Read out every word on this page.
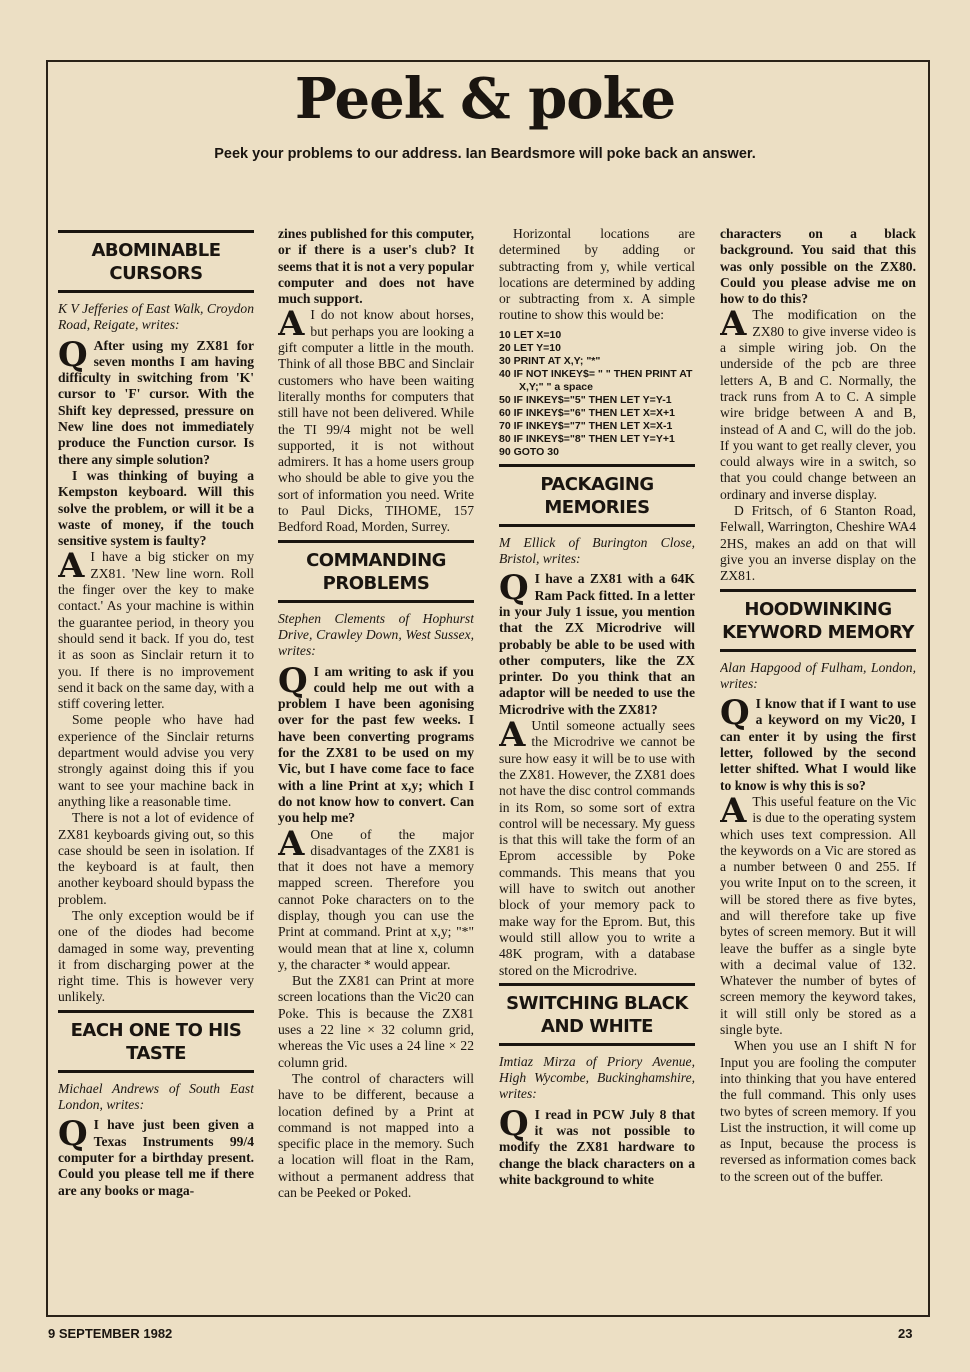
Peek & poke
Peek your problems to our address. Ian Beardsmore will poke back an answer.
ABOMINABLE CURSORS

K V Jefferies of East Walk, Croydon Road, Reigate, writes:

Q After using my ZX81 for seven months I am having difficulty in switching from 'K' cursor to 'F' cursor. With the Shift key depressed, pressure on New line does not immediately produce the Function cursor. Is there any simple solution?

I was thinking of buying a Kempston keyboard. Will this solve the problem, or will it be a waste of money, if the touch sensitive system is faulty?

A I have a big sticker on my ZX81. 'New line worn. Roll the finger over the key to make contact.' As your machine is within the guarantee period, in theory you should send it back. If you do, test it as soon as Sinclair return it to you. If there is no improvement send it back on the same day, with a stiff covering letter.

Some people who have had experience of the Sinclair returns department would advise you very strongly against doing this if you want to see your machine back in anything like a reasonable time.

There is not a lot of evidence of ZX81 keyboards giving out, so this case should be seen in isolation. If the keyboard is at fault, then another keyboard should bypass the problem.

The only exception would be if one of the diodes had become damaged in some way, preventing it from discharging power at the right time. This is however very unlikely.

EACH ONE TO HIS TASTE

Michael Andrews of South East London, writes:

Q I have just been given a Texas Instruments 99/4 computer for a birthday present. Could you please tell me if there are any books or maga-

zines published for this computer, or if there is a user's club? It seems that it is not a very popular computer and does not have much support.

A I do not know about horses, but perhaps you are looking a gift computer a little in the mouth. Think of all those BBC and Sinclair customers who have been waiting literally months for computers that still have not been delivered. While the TI 99/4 might not be well supported, it is not without admirers. It has a home users group who should be able to give you the sort of information you need. Write to Paul Dicks, TIHOME, 157 Bedford Road, Morden, Surrey.

COMMANDING PROBLEMS

Stephen Clements of Hophurst Drive, Crawley Down, West Sussex, writes:

Q I am writing to ask if you could help me out with a problem I have been agonising over for the past few weeks. I have been converting programs for the ZX81 to be used on my Vic, but I have come face to face with a line Print at x,y; which I do not know how to convert. Can you help me?

A One of the major disadvantages of the ZX81 is that it does not have a memory mapped screen. Therefore you cannot Poke characters on to the display, though you can use the Print at command. Print at x,y; "*" would mean that at line x, column y, the character * would appear.

But the ZX81 can Print at more screen locations than the Vic20 can Poke. This is because the ZX81 uses a 22 line × 32 column grid, whereas the Vic uses a 24 line × 22 column grid.

The control of characters will have to be different, because a location defined by a Print at command is not mapped into a specific place in the memory. Such a location will float in the Ram, without a permanent address that can be Peeked or Poked.

Horizontal locations are determined by adding or subtracting from y, while vertical locations are determined by adding or subtracting from x. A simple routine to show this would be:

10 LET X=10
20 LET Y=10
30 PRINT AT X,Y; "*"
40 IF NOT INKEY$= " " THEN PRINT AT X,Y;" " a space
50 IF INKEY$="5" THEN LET Y=Y-1
60 IF INKEY$="6" THEN LET X=X+1
70 IF INKEY$="7" THEN LET X=X-1
80 IF INKEY$="8" THEN LET Y=Y+1
90 GOTO 30
PACKAGING MEMORIES

M Ellick of Burington Close, Bristol, writes:

Q I have a ZX81 with a 64K Ram Pack fitted. In a letter in your July 1 issue, you mention that the ZX Microdrive will probably be able to be used with other computers, like the ZX printer. Do you think that an adaptor will be needed to use the Microdrive with the ZX81?

A Until someone actually sees the Microdrive we cannot be sure how easy it will be to use with the ZX81. However, the ZX81 does not have the disc control commands in its Rom, so some sort of extra control will be necessary. My guess is that this will take the form of an Eprom accessible by Poke commands. This means that you will have to switch out another block of your memory pack to make way for the Eprom. But, this would still allow you to write a 48K program, with a database stored on the Microdrive.

SWITCHING BLACK AND WHITE

Imtiaz Mirza of Priory Avenue, High Wycombe, Buckinghamshire, writes:

Q I read in PCW July 8 that it was not possible to modify the ZX81 hardware to change the black characters on a white background to white

characters on a black background. You said that this was only possible on the ZX80. Could you please advise me on how to do this?

A The modification on the ZX80 to give inverse video is a simple wiring job. On the underside of the pcb are three letters A, B and C. Normally, the track runs from A to C. A simple wire bridge between A and B, instead of A and C, will do the job. If you want to get really clever, you could always wire in a switch, so that you could change between an ordinary and inverse display.

D Fritsch, of 6 Stanton Road, Felwall, Warrington, Cheshire WA4 2HS, makes an add on that will give you an inverse display on the ZX81.

HOODWINKING KEYWORD MEMORY

Alan Hapgood of Fulham, London, writes:

Q I know that if I want to use a keyword on my Vic20, I can enter it by using the first letter, followed by the second letter shifted. What I would like to know is why this is so?

A This useful feature on the Vic is due to the operating system which uses text compression. All the keywords on a Vic are stored as a number between 0 and 255. If you write Input on to the screen, it will be stored there as five bytes, and will therefore take up five bytes of screen memory. But it will leave the buffer as a single byte with a decimal value of 132. Whatever the number of bytes of screen memory the keyword takes, it will still only be stored as a single byte.

When you use an I shift N for Input you are fooling the computer into thinking that you have entered the full command. This only uses two bytes of screen memory. If you List the instruction, it will come up as Input, because the process is reversed as information comes back to the screen out of the buffer.

9 SEPTEMBER 1982	23
